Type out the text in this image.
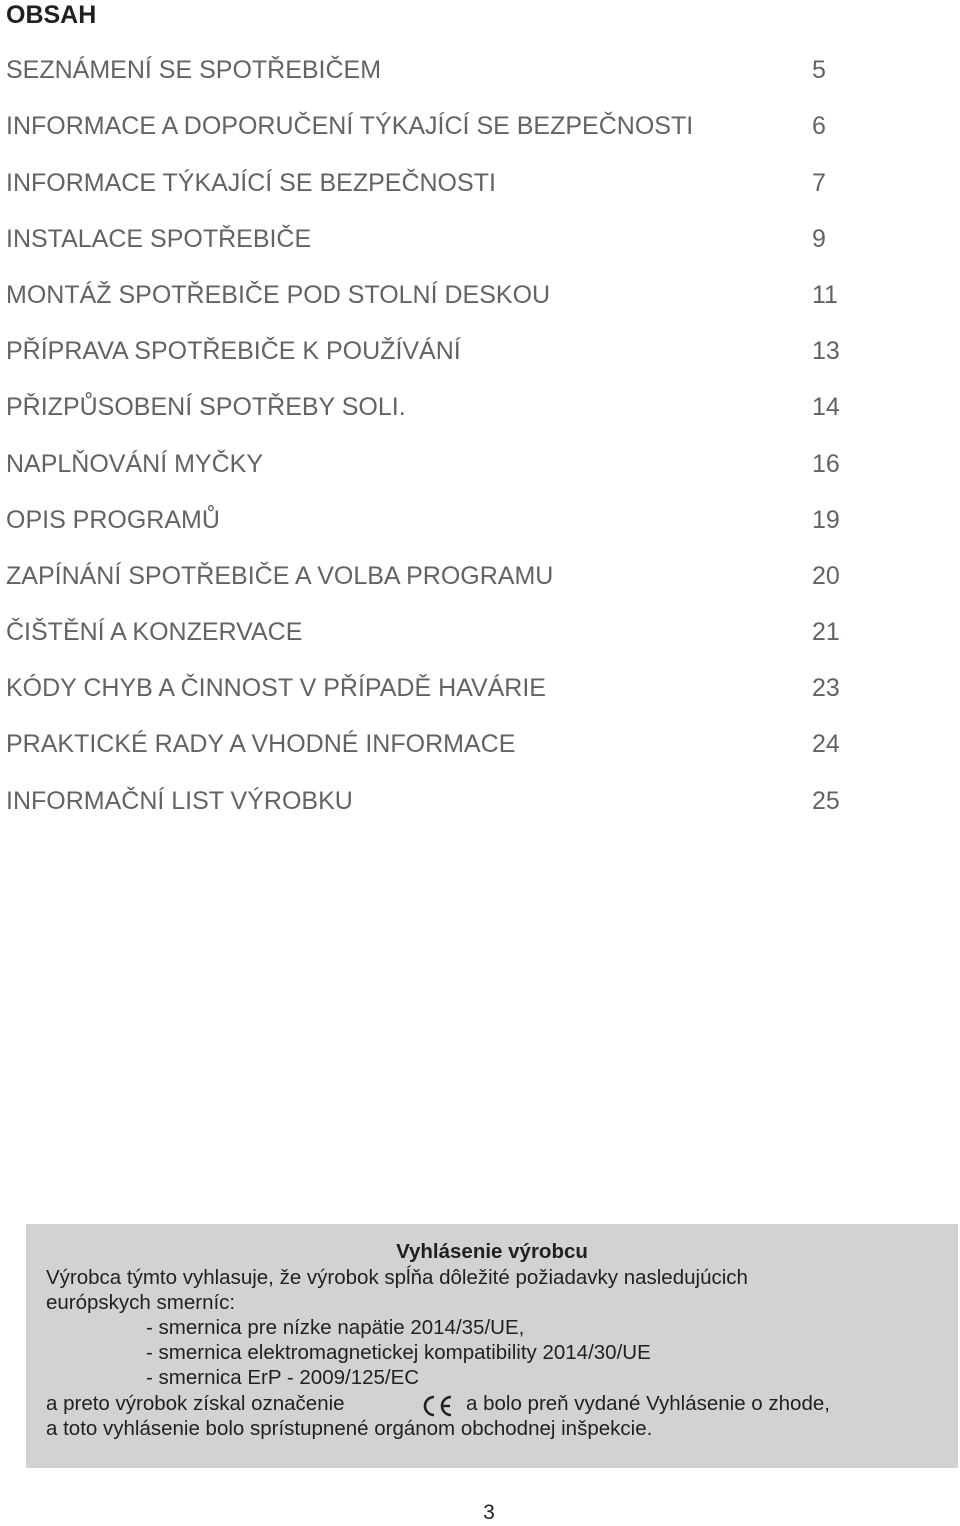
OBSAH
SEZNÁMENÍ SE SPOTŘEBIČEM	5
INFORMACE A DOPORUČENÍ TÝKAJÍCÍ SE BEZPEČNOSTI	6
INFORMACE TÝKAJÍCÍ SE BEZPEČNOSTI	7
INSTALACE SPOTŘEBIČE	9
MONTÁŽ SPOTŘEBIČE POD STOLNÍ DESKOU	11
PŘÍPRAVA SPOTŘEBIČE K POUŽÍVÁNÍ	13
PŘIZPŮSOBENÍ SPOTŘEBY SOLI.	14
NAPLŇOVÁNÍ MYČKY	16
OPIS PROGRAMŮ	19
ZAPÍNÁNÍ SPOTŘEBIČE A VOLBA PROGRAMU	20
ČIŠTĚNÍ A KONZERVACE	21
KÓDY CHYB A ČINNOST V PŘÍPADĚ HAVÁRIE	23
PRAKTICKÉ RADY A VHODNÉ INFORMACE	24
INFORMAČNÍ LIST VÝROBKU	25
Vyhlásenie výrobcu
Výrobca týmto vyhlasuje, že výrobok spĺňa dôležité požiadavky nasledujúcich
európskych smerníc:
- smernica pre nízke napätie 2014/35/UE,
- smernica elektromagnetickej kompatibility 2014/30/UE
- smernica ErP - 2009/125/EC
a preto výrobok získal označenie	a bolo preň vydané Vyhlásenie o zhode,
a toto vyhlásenie bolo sprístupnené orgánom obchodnej inšpekcie.
3
